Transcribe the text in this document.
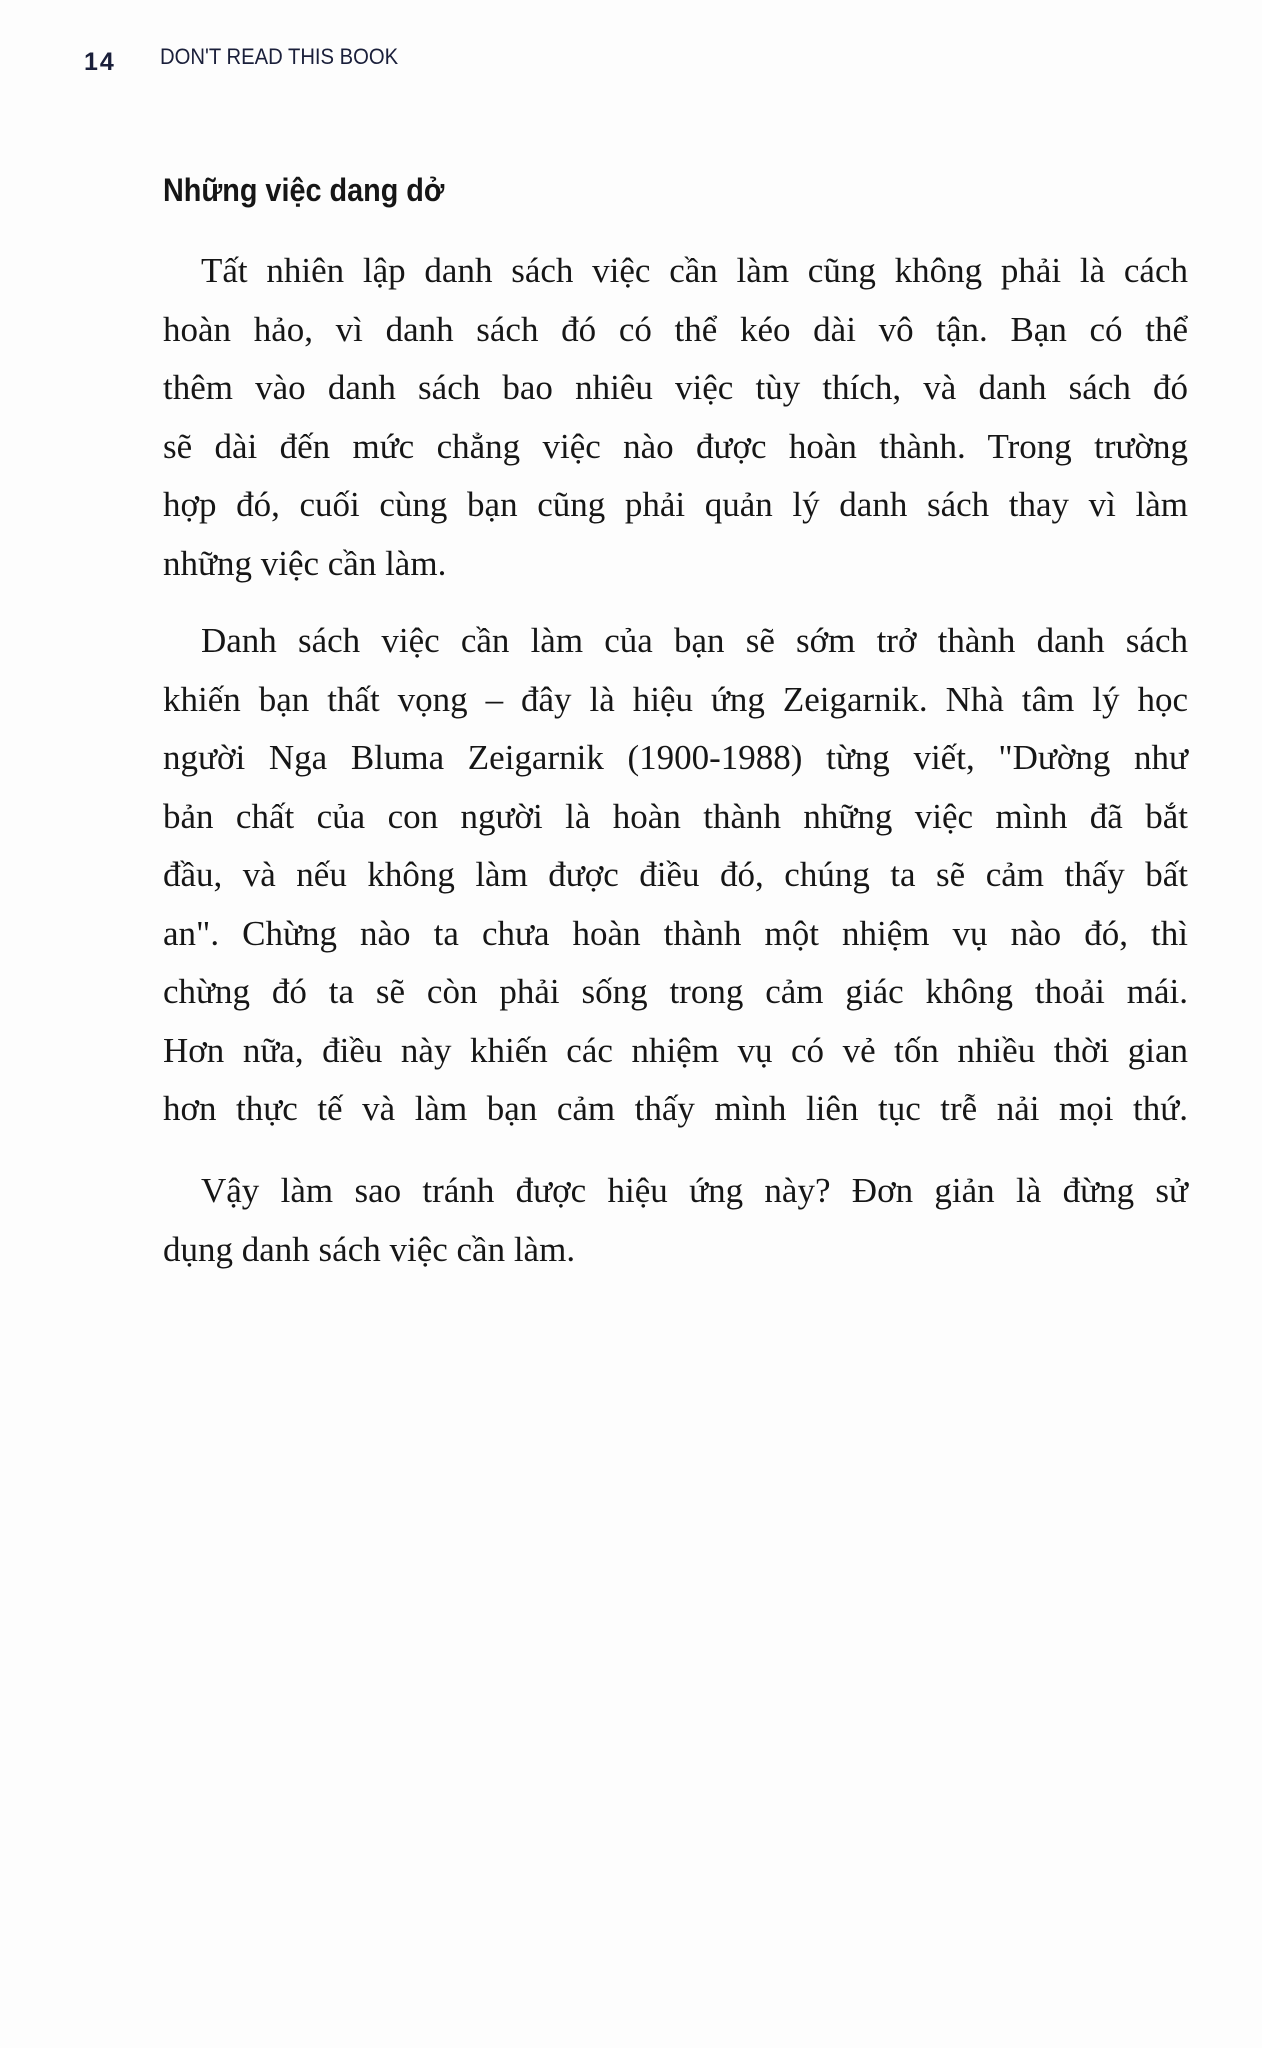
14 DON'T READ THIS BOOK
Những việc dang dở
Tất nhiên lập danh sách việc cần làm cũng không phải là cách
hoàn hảo, vì danh sách đó có thể kéo dài vô tận. Bạn có thể
thêm vào danh sách bao nhiêu việc tùy thích, và danh sách đó
sẽ dài đến mức chẳng việc nào được hoàn thành. Trong trường
hợp đó, cuối cùng bạn cũng phải quản lý danh sách thay vì làm
những việc cần làm.
Danh sách việc cần làm của bạn sẽ sớm trở thành danh sách
khiến bạn thất vọng – đây là hiệu ứng Zeigarnik. Nhà tâm lý học
người Nga Bluma Zeigarnik (1900-1988) từng viết, "Dường như
bản chất của con người là hoàn thành những việc mình đã bắt
đầu, và nếu không làm được điều đó, chúng ta sẽ cảm thấy bất
an". Chừng nào ta chưa hoàn thành một nhiệm vụ nào đó, thì
chừng đó ta sẽ còn phải sống trong cảm giác không thoải mái.
Hơn nữa, điều này khiến các nhiệm vụ có vẻ tốn nhiều thời gian
hơn thực tế và làm bạn cảm thấy mình liên tục trễ nải mọi thứ.
Vậy làm sao tránh được hiệu ứng này? Đơn giản là đừng sử
dụng danh sách việc cần làm.
